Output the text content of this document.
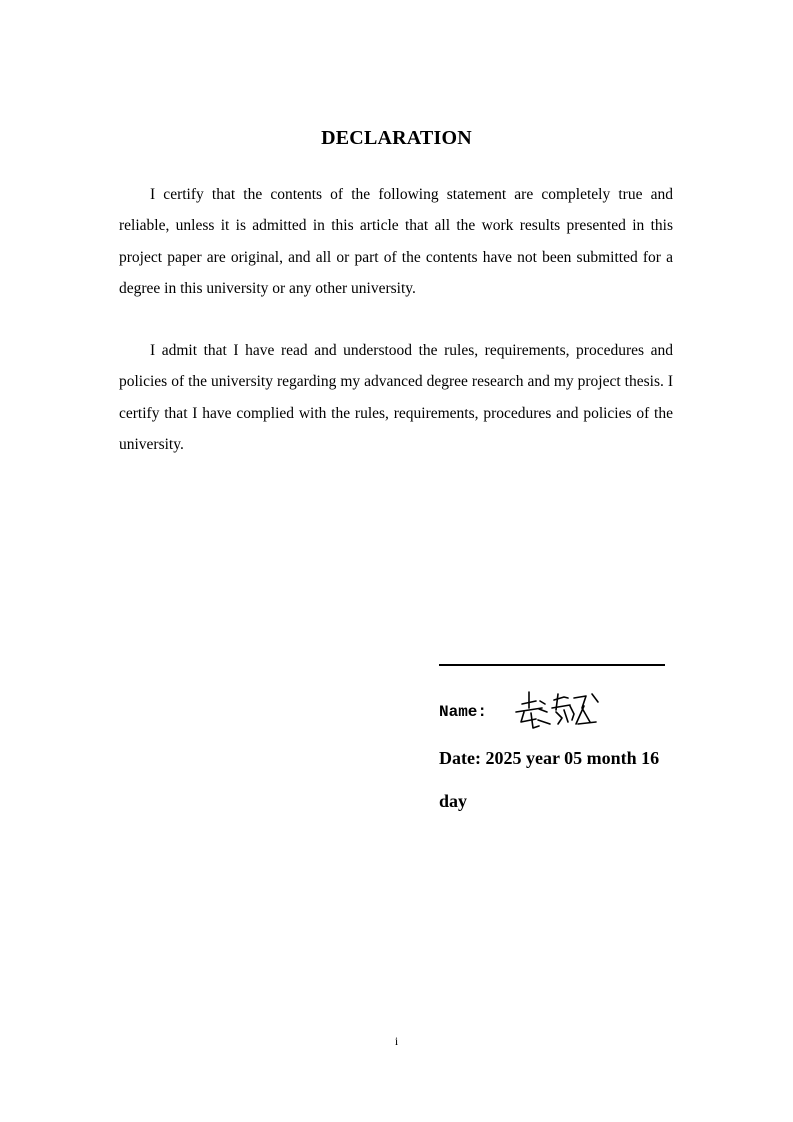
DECLARATION

I certify that the contents of the following statement are completely true and reliable, unless it is admitted in this article that all the work results presented in this project paper are original, and all or part of the contents have not been submitted for a degree in this university or any other university.

I admit that I have read and understood the rules, requirements, procedures and policies of the university regarding my advanced degree research and my project thesis. I certify that I have complied with the rules, requirements, procedures and policies of the university.

Name:

Date: 2025 year 05 month 16 day

i
